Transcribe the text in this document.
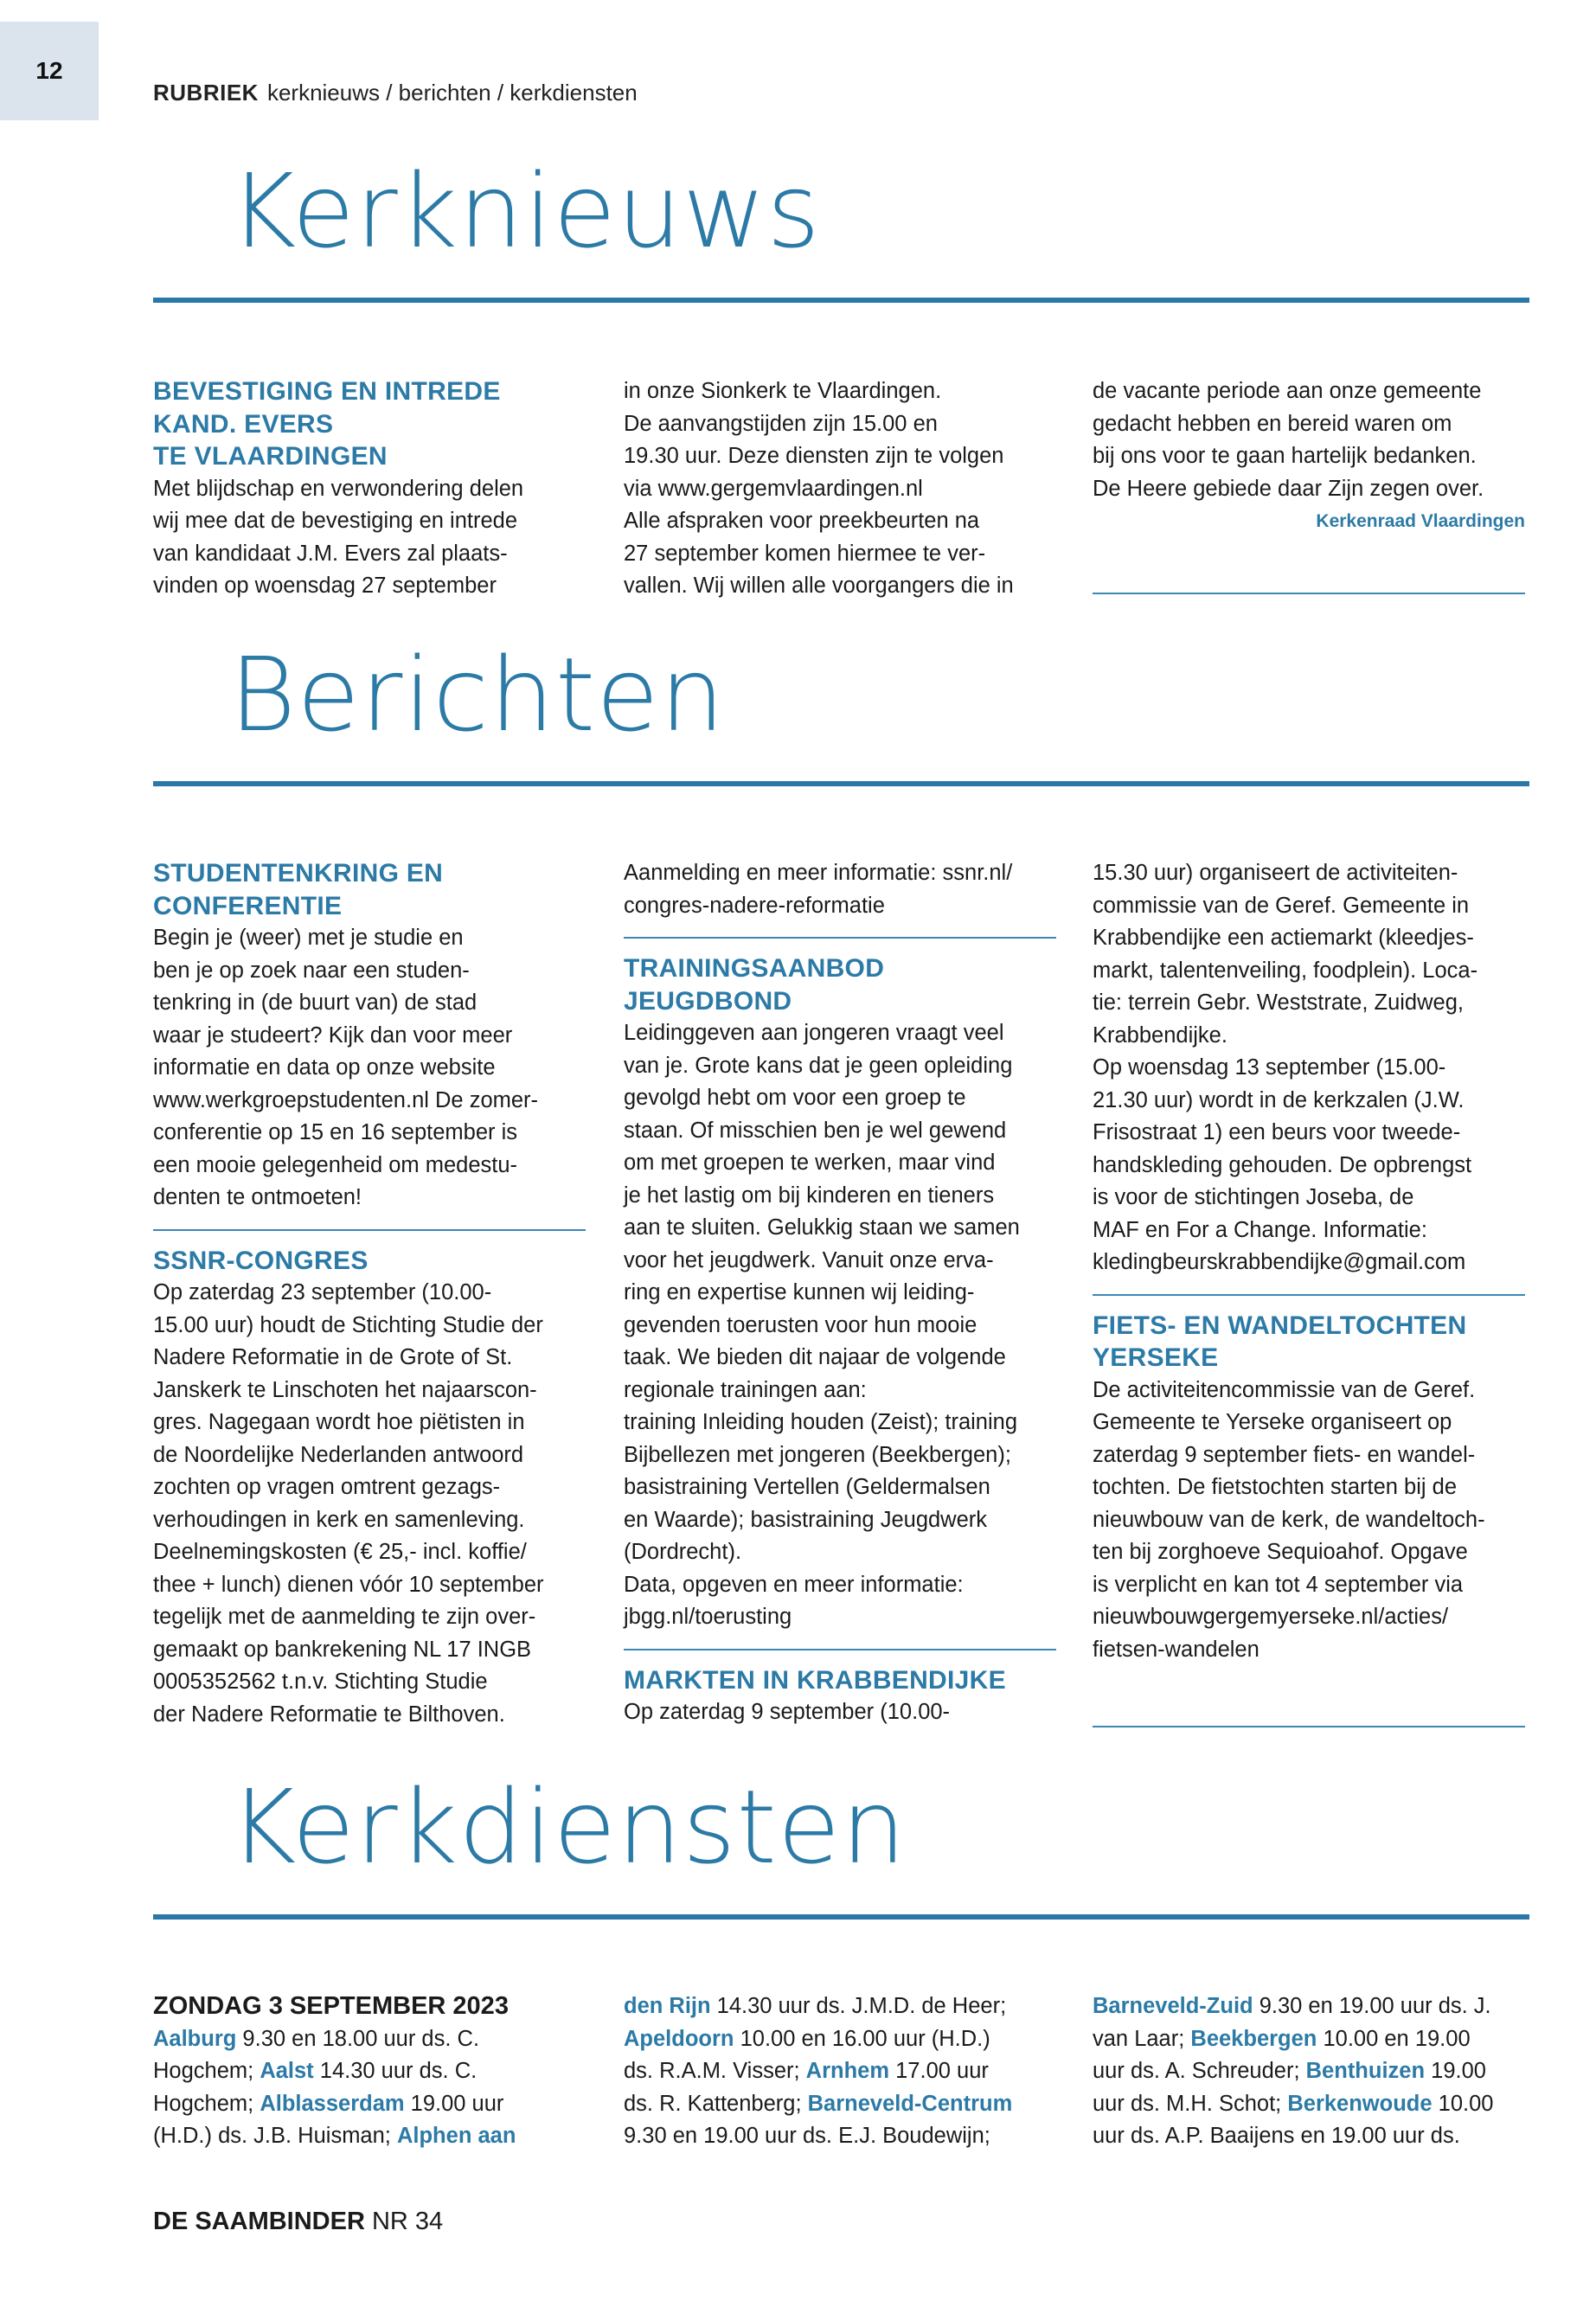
12
RUBRIEK kerknieuws / berichten / kerkdiensten
Kerknieuws

BEVESTIGING EN INTREDE

KAND. EVERS

TE VLAARDINGEN

Met blijdschap en verwondering delen

wij mee dat de bevestiging en intrede

van kandidaat J.M. Evers zal plaats-

vinden op woensdag 27 september

in onze Sionkerk te Vlaardingen.

De aanvangstijden zijn 15.00 en

19.30 uur. Deze diensten zijn te volgen

via www.gergemvlaardingen.nl

Alle afspraken voor preekbeurten na

27 september komen hiermee te ver-

vallen. Wij willen alle voorgangers die in

de vacante periode aan onze gemeente

gedacht hebben en bereid waren om

bij ons voor te gaan hartelijk bedanken.

De Heere gebiede daar Zijn zegen over.

Kerkenraad Vlaardingen

Berichten

STUDENTENKRING EN

CONFERENTIE

Begin je (weer) met je studie en

ben je op zoek naar een studen-

tenkring in (de buurt van) de stad

waar je studeert? Kijk dan voor meer

informatie en data op onze website

www.werkgroepstudenten.nl De zomer-

conferentie op 15 en 16 september is

een mooie gelegenheid om medestu-

denten te ontmoeten!

SSNR-CONGRES

Op zaterdag 23 september (10.00-

15.00 uur) houdt de Stichting Studie der

Nadere Reformatie in de Grote of St.

Janskerk te Linschoten het najaarscon-

gres. Nagegaan wordt hoe piëtisten in

de Noordelijke Nederlanden antwoord

zochten op vragen omtrent gezags-

verhoudingen in kerk en samenleving.

Deelnemingskosten (€ 25,- incl. koffie/

thee + lunch) dienen vóór 10 september

tegelijk met de aanmelding te zijn over-

gemaakt op bankrekening NL 17 INGB

0005352562 t.n.v. Stichting Studie

der Nadere Reformatie te Bilthoven.

Aanmelding en meer informatie: ssnr.nl/

congres-nadere-reformatie

TRAININGSAANBOD

JEUGDBOND

Leidinggeven aan jongeren vraagt veel

van je. Grote kans dat je geen opleiding

gevolgd hebt om voor een groep te

staan. Of misschien ben je wel gewend

om met groepen te werken, maar vind

je het lastig om bij kinderen en tieners

aan te sluiten. Gelukkig staan we samen

voor het jeugdwerk. Vanuit onze erva-

ring en expertise kunnen wij leiding-

gevenden toerusten voor hun mooie

taak. We bieden dit najaar de volgende

regionale trainingen aan:

training Inleiding houden (Zeist); training

Bijbellezen met jongeren (Beekbergen);

basistraining Vertellen (Geldermalsen

en Waarde); basistraining Jeugdwerk

(Dordrecht).

Data, opgeven en meer informatie:

jbgg.nl/toerusting

MARKTEN IN KRABBENDIJKE

Op zaterdag 9 september (10.00-

15.30 uur) organiseert de activiteiten-

commissie van de Geref. Gemeente in

Krabbendijke een actiemarkt (kleedjes-

markt, talentenveiling, foodplein). Loca-

tie: terrein Gebr. Weststrate, Zuidweg,

Krabbendijke.

Op woensdag 13 september (15.00-

21.30 uur) wordt in de kerkzalen (J.W.

Frisostraat 1) een beurs voor tweede-

handskleding gehouden. De opbrengst

is voor de stichtingen Joseba, de

MAF en For a Change. Informatie:

kledingbeurskrabbendijke@gmail.com

FIETS- EN WANDELTOCHTEN

YERSEKE

De activiteitencommissie van de Geref.

Gemeente te Yerseke organiseert op

zaterdag 9 september fiets- en wandel-

tochten. De fietstochten starten bij de

nieuwbouw van de kerk, de wandeltoch-

ten bij zorghoeve Sequioahof. Opgave

is verplicht en kan tot 4 september via

nieuwbouwgergemyerseke.nl/acties/

fietsen-wandelen

Kerkdiensten

ZONDAG 3 SEPTEMBER 2023

Aalburg 9.30 en 18.00 uur ds. C.

Hogchem; Aalst 14.30 uur ds. C.

Hogchem; Alblasserdam 19.00 uur

(H.D.) ds. J.B. Huisman; Alphen aan

den Rijn 14.30 uur ds. J.M.D. de Heer;

Apeldoorn 10.00 en 16.00 uur (H.D.)

ds. R.A.M. Visser; Arnhem 17.00 uur

ds. R. Kattenberg; Barneveld-Centrum

9.30 en 19.00 uur ds. E.J. Boudewijn;

Barneveld-Zuid 9.30 en 19.00 uur ds. J.

van Laar; Beekbergen 10.00 en 19.00

uur ds. A. Schreuder; Benthuizen 19.00

uur ds. M.H. Schot; Berkenwoude 10.00

uur ds. A.P. Baaijens en 19.00 uur ds.

DE SAAMBINDER NR 34
